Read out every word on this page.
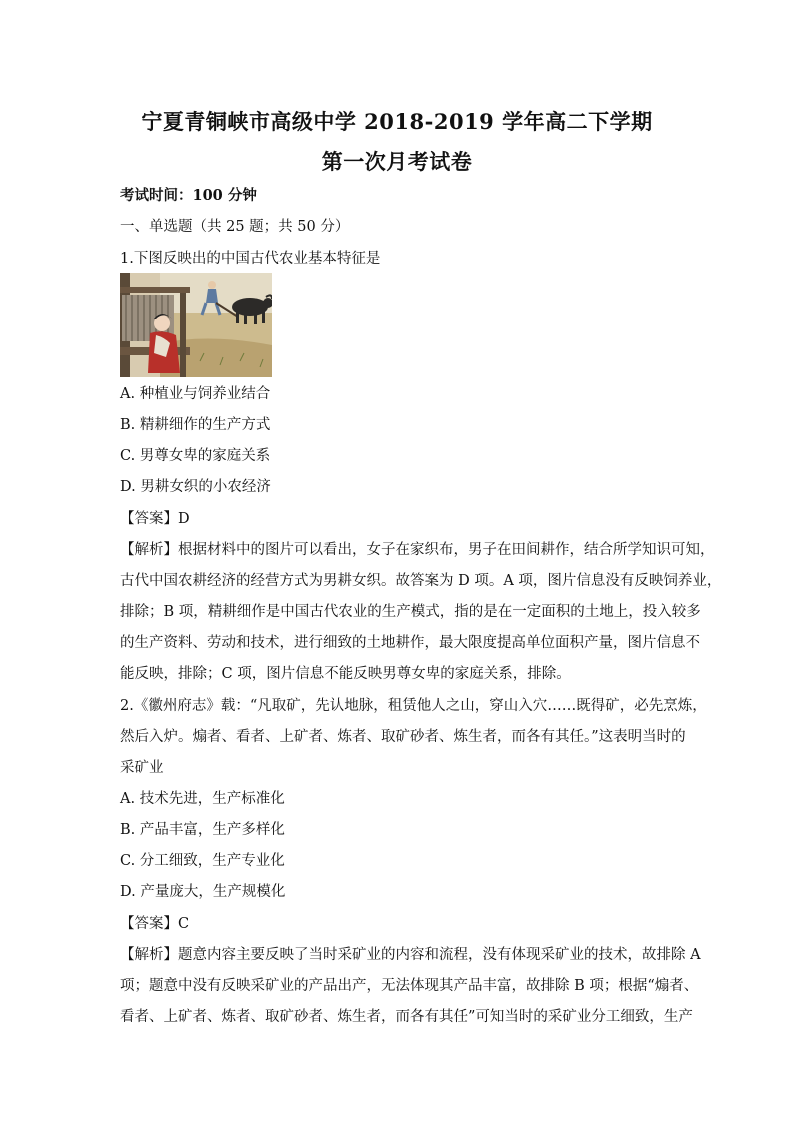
宁夏青铜峡市高级中学 2018-2019 学年高二下学期
第一次月考试卷
考试时间：100 分钟
一、单选题（共 25 题；共 50 分）
1.下图反映出的中国古代农业基本特征是
A. 种植业与饲养业结合
B. 精耕细作的生产方式
C. 男尊女卑的家庭关系
D. 男耕女织的小农经济
【答案】D
【解析】根据材料中的图片可以看出，女子在家织布，男子在田间耕作，结合所学知识可知，
古代中国农耕经济的经营方式为男耕女织。故答案为 D 项。A 项，图片信息没有反映饲养业，
排除；B 项，精耕细作是中国古代农业的生产模式，指的是在一定面积的土地上，投入较多
的生产资料、劳动和技术，进行细致的土地耕作，最大限度提高单位面积产量，图片信息不
能反映，排除；C 项，图片信息不能反映男尊女卑的家庭关系，排除。
2.《徽州府志》载：“凡取矿，先认地脉，租赁他人之山，穿山入穴……既得矿，必先烹炼，
然后入炉。煽者、看者、上矿者、炼者、取矿砂者、炼生者，而各有其任。”这表明当时的
采矿业
A. 技术先进，生产标准化
B. 产品丰富，生产多样化
C. 分工细致，生产专业化
D. 产量庞大，生产规模化
【答案】C
【解析】题意内容主要反映了当时采矿业的内容和流程，没有体现采矿业的技术，故排除 A
项；题意中没有反映采矿业的产品出产，无法体现其产品丰富，故排除 B 项；根据“煽者、
看者、上矿者、炼者、取矿砂者、炼生者，而各有其任”可知当时的采矿业分工细致，生产
